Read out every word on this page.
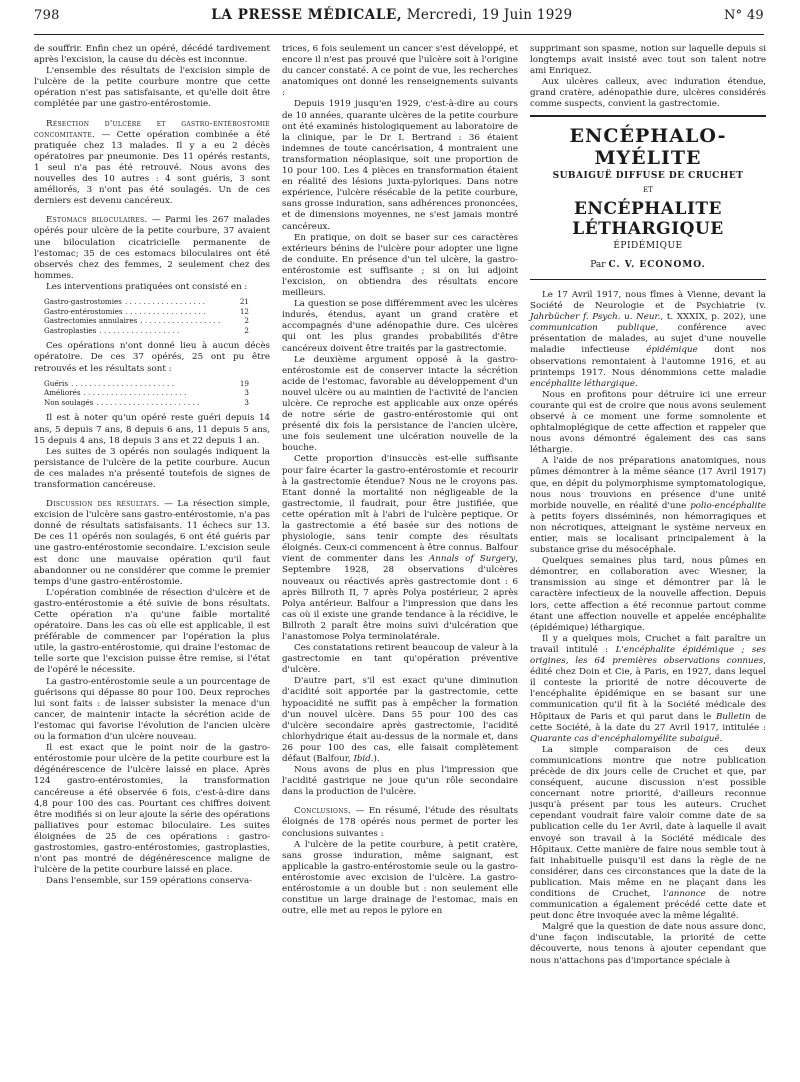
798	LA PRESSE MÉDICALE, Mercredi, 19 Juin 1929	N° 49

de souffrir. Enfin chez un opéré, décédé tardivement après l'excision, la cause du décès est inconnue.

L'ensemble des résultats de l'excision simple de l'ulcère de la petite courbure montre que cette opération n'est pas satisfaisante, et qu'elle doit être complétée par une gastro-entérostomie.

Résection d'ulcère et gastro-entérostomie concomitante. — Cette opération combinée a été pratiquée chez 13 malades. Il y a eu 2 décès opératoires par pneumonie. Des 11 opérés restants, 1 seul n'a pas été retrouvé. Nous avons des nouvelles des 10 autres : 4 sont guéris, 3 sont améliorés, 3 n'ont pas été soulagés. Un de ces derniers est devenu cancéreux.

Estomacs biloculaires. — Parmi les 267 malades opérés pour ulcère de la petite courbure, 37 avaient une biloculation cicatricielle permanente de l'estomac; 35 de ces estomacs biloculaires ont été observés chez des femmes, 2 seulement chez des hommes.

Les interventions pratiquées ont consisté en :

Gastro-gastrostomies . . . . . . . . . . . . . . . . . .	21
Gastro-entérostomies . . . . . . . . . . . . . . . . . .	12
Gastrectomies annulaires . . . . . . . . . . . . . . . . . .	2
Gastroplasties . . . . . . . . . . . . . . . . . .	2

Ces opérations n'ont donné lieu à aucun décès opératoire. De ces 37 opérés, 25 ont pu être retrouvés et les résultats sont :

Guéris . . . . . . . . . . . . . . . . . . . . . . .	19
Améliorés . . . . . . . . . . . . . . . . . . . . . . .	3
Non soulagés . . . . . . . . . . . . . . . . . . . . . . .	3

Il est à noter qu'un opéré reste guéri depuis 14 ans, 5 depuis 7 ans, 8 depuis 6 ans, 11 depuis 5 ans, 15 depuis 4 ans, 18 depuis 3 ans et 22 depuis 1 an.

Les suites de 3 opérés non soulagés indiquent la persistance de l'ulcère de la petite courbure. Aucun de ces malades n'a présenté toutefois de signes de transformation cancéreuse.

Discussion des résultats. — La résection simple, excision de l'ulcère sans gastro-entérostomie, n'a pas donné de résultats satisfaisants. 11 échecs sur 13. De ces 11 opérés non soulagés, 6 ont été guéris par une gastro-entérostomie secondaire. L'excision seule est donc une mauvaise opération qu'il faut abandonner ou ne considérer que comme le premier temps d'une gastro-entérostomie.

L'opération combinée de résection d'ulcère et de gastro-entérostomie a été suivie de bons résultats. Cette opération n'a qu'une faible mortalité opératoire. Dans les cas où elle est applicable, il est préférable de commencer par l'opération la plus utile, la gastro-entérostomie, qui draine l'estomac de telle sorte que l'excision puisse être remise, si l'état de l'opéré le nécessite.

La gastro-entérostomie seule a un pourcentage de guérisons qui dépasse 80 pour 100. Deux reproches lui sont faits : de laisser subsister la menace d'un cancer, de maintenir intacte la sécrétion acide de l'estomac qui favorise l'évolution de l'ancien ulcère ou la formation d'un ulcère nouveau.

Il est exact que le point noir de la gastro-entérostomie pour ulcère de la petite courbure est la dégénérescence de l'ulcère laissé en place. Après 124 gastro-entérostomies, la transformation cancéreuse a été observée 6 fois, c'est-à-dire dans 4,8 pour 100 des cas. Pourtant ces chiffres doivent être modifiés si on leur ajoute la série des opérations palliatives pour estomac biloculaire. Les suites éloignées de 25 de ces opérations : gastro-gastrostomies, gastro-entérostomies, gastroplasties, n'ont pas montré de dégénérescence maligne de l'ulcère de la petite courbure laissé en place.

Dans l'ensemble, sur 159 opérations conserva-

trices, 6 fois seulement un cancer s'est développé, et encore il n'est pas prouvé que l'ulcère soit à l'origine du cancer constaté. A ce point de vue, les recherches anatomiques ont donné les renseignements suivants :

Depuis 1919 jusqu'en 1929, c'est-à-dire au cours de 10 années, quarante ulcères de la petite courbure ont été examinés histologiquement au laboratoire de la clinique, par le Dr I. Bertrand : 36 étaient indemnes de toute cancérisation, 4 montraient une transformation néoplasique, soit une proportion de 10 pour 100. Les 4 pièces en transformation étaient en réalité des lésions juxta-pyloriques. Dans notre expérience, l'ulcère résécable de la petite courbure, sans grosse induration, sans adhérences prononcées, et de dimensions moyennes, ne s'est jamais montré cancéreux.

En pratique, on doit se baser sur ces caractères extérieurs bénins de l'ulcère pour adopter une ligne de conduite. En présence d'un tel ulcère, la gastro-entérostomie est suffisante ; si on lui adjoint l'excision, on obtiendra des résultats encore meilleurs.

La question se pose différemment avec les ulcères indurés, étendus, ayant un grand cratère et accompagnés d'une adénopathie dure. Ces ulcères qui ont les plus grandes probabilités d'être cancéreux doivent être traités par la gastrectomie.

Le deuxième argument opposé à la gastro-entérostomie est de conserver intacte la sécrétion acide de l'estomac, favorable au développement d'un nouvel ulcère ou au maintien de l'activité de l'ancien ulcère. Ce reproche est applicable aux onze opérés de notre série de gastro-entérostomie qui ont présenté dix fois la persistance de l'ancien ulcère, une fois seulement une ulcération nouvelle de la bouche.

Cette proportion d'insuccès est-elle suffisante pour faire écarter la gastro-entérostomie et recourir à la gastrectomie étendue? Nous ne le croyons pas. Etant donné la mortalité non négligeable de la gastrectomie, il faudrait, pour être justifiée, que cette opération mît à l'abri de l'ulcère peptique. Or la gastrectomie a été basée sur des notions de physiologie, sans tenir compte des résultats éloignés. Ceux-ci commencent à être connus. Balfour vient de commenter dans les Annals of Surgery, Septembre 1928, 28 observations d'ulcères nouveaux ou réactivés après gastrectomie dont : 6 après Billroth II, 7 après Polya postérieur, 2 après Polya antérieur. Balfour a l'impression que dans les cas où il existe une grande tendance à la récidive, le Billroth 2 paraît être moins suivi d'ulcération que l'anastomose Polya terminolatérale.

Ces constatations retirent beaucoup de valeur à la gastrectomie en tant qu'opération préventive d'ulcère.

D'autre part, s'il est exact qu'une diminution d'acidité soit apportée par la gastrectomie, cette hypoacidité ne suffit pas à empêcher la formation d'un nouvel ulcère. Dans 55 pour 100 des cas d'ulcère secondaire après gastrectomie, l'acidité chlorhydrique était au-dessus de la normale et, dans 26 pour 100 des cas, elle faisait complètement défaut (Balfour, Ibid.).

Nous avons de plus en plus l'impression que l'acidité gastrique ne joue qu'un rôle secondaire dans la production de l'ulcère.

Conclusions. — En résumé, l'étude des résultats éloignés de 178 opérés nous permet de porter les conclusions suivantes :

A l'ulcère de la petite courbure, à petit cratère, sans grosse induration, même saignant, est applicable la gastro-entérostomie seule ou la gastro-entérostomie avec excision de l'ulcère. La gastro-entérostomie a un double but : non seulement elle constitue un large drainage de l'estomac, mais en outre, elle met au repos le pylore en

supprimant son spasme, notion sur laquelle depuis si longtemps avait insisté avec tout son talent notre ami Enriquez.

Aux ulcères calleux, avec induration étendue, grand cratère, adénopathie dure, ulcères considérés comme suspects, convient la gastrectomie.

ENCÉPHALO-MYÉLITE
SUBAIGUË DIFFUSE DE CRUCHET
ET
ENCÉPHALITE LÉTHARGIQUE
ÉPIDÉMIQUE
Par C. V. ECONOMO.

Le 17 Avril 1917, nous fîmes à Vienne, devant la Société de Neurologie et de Psychiatrie (v. Jahrbücher f. Psych. u. Neur., t. XXXIX, p. 202), une communication publique, conférence avec présentation de malades, au sujet d'une nouvelle maladie infectieuse épidémique dont nos observations remontaient à l'automne 1916, et au printemps 1917. Nous dénommions cette maladie encéphalite léthargique.

Nous en profitons pour détruire ici une erreur courante qui est de croire que nous avons seulement observé à ce moment une forme somnolente et ophtalmoplégique de cette affection et rappeler que nous avons démontré également des cas sans léthargie.

A l'aide de nos préparations anatomiques, nous pûmes démontrer à la même séance (17 Avril 1917) que, en dépit du polymorphisme symptomatologique, nous nous trouvions en présence d'une unité morbide nouvelle, en réalité d'une polio-encéphalite à petits foyers disséminés, non hémorragiques et non nécrotiques, atteignant le système nerveux en entier, mais se localisant principalement à la substance grise du mésocéphale.

Quelques semaines plus tard, nous pûmes en démontrer, en collaboration avec Wiesner, la transmission au singe et démontrer par là le caractère infectieux de la nouvelle affection. Depuis lors, cette affection a été reconnue partout comme étant une affection nouvelle et appelée encéphalite (épidémique) léthargique.

Il y a quelques mois, Cruchet a fait paraître un travail intitulé : L'encéphalite épidémique ; ses origines, les 64 premières observations connues, édité chez Doin et Cie, à Paris, en 1927, dans lequel il conteste la priorité de notre découverte de l'encéphalite épidémique en se basant sur une communication qu'il fit à la Société médicale des Hôpitaux de Paris et qui parut dans le Bulletin de cette Société, à la date du 27 Avril 1917, intitulée : Quarante cas d'encéphalomyélite subaiguë.

La simple comparaison de ces deux communications montre que notre publication précède de dix jours celle de Cruchet et que, par conséquent, aucune discussion n'est possible concernant notre priorité, d'ailleurs reconnue jusqu'à présent par tous les auteurs. Cruchet cependant voudrait faire valoir comme date de sa publication celle du 1er Avril, date à laquelle il avait envoyé son travail à la Société médicale des Hôpitaux. Cette manière de faire nous semble tout à fait inhabituelle puisqu'il est dans la règle de ne considérer, dans ces circonstances que la date de la publication. Mais même en ne plaçant dans les conditions de Cruchet, l'annonce de notre communication a également précédé cette date et peut donc être invoquée avec la même légalité.

Malgré que la question de date nous assure donc, d'une façon indiscutable, la priorité de cette découverte, nous tenons à ajouter cependant que nous n'attachons pas d'importance spéciale à
